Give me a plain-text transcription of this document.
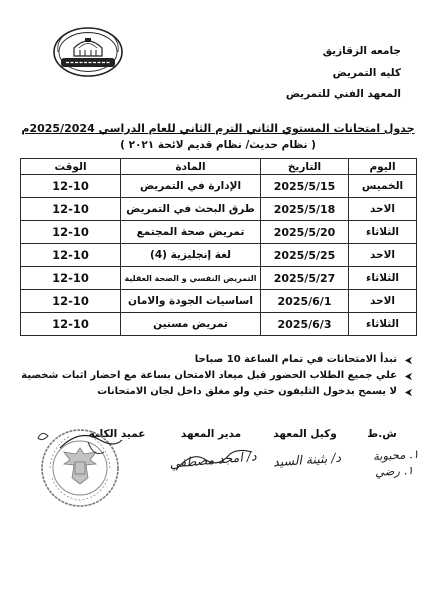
جامعه الزقازيق
كليه التمريض
المعهد الفني للتمريض
جدول امتحانات المستوي الثاني الترم الثاني للعام الدراسي 2025/2024م
( نظام حديث/ نظام قديم لائحة ٢٠٢١ )
اليوم	التاريخ	المادة	الوقت

الخميس	2025/5/15	الإدارة في التمريض	12-10

الاحد	2025/5/18	طرق البحث في التمريض	12-10

الثلاثاء	2025/5/20	تمريض صحة المجتمع	12-10

الاحد	2025/5/25	لغة إنجليزية (4)	12-10

الثلاثاء	2025/5/27	التمريض النفسي و الصحة العقلية	12-10

الاحد	2025/6/1	اساسيات الجودة والامان	12-10

الثلاثاء	2025/6/3	تمريض مسنين	12-10
تبدأ الامتحانات في تمام الساعة 10 صباحا
علي جميع الطلاب الحضور قبل ميعاد الامتحان بساعة مع احضار اثبات شخصية
لا يسمح بدخول التليفون حتي ولو مغلق داخل لجان الامتحانات
ش.ط
وكيل المعهد
مدير المعهد
عميد الكلية
١. محبوبة
١. رضي
د/ بثينة السيد
د/ امجد مصطفي
